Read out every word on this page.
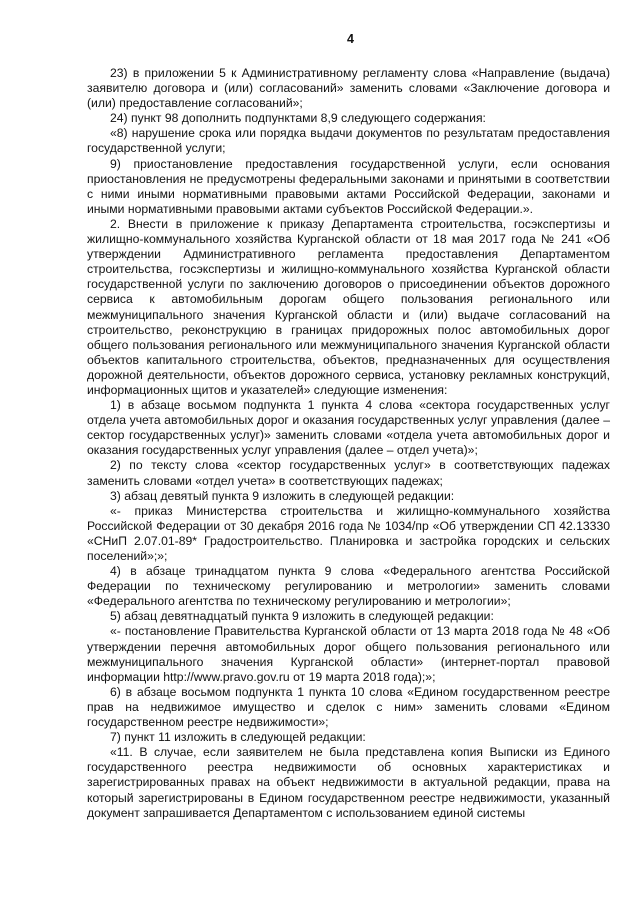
4

23) в приложении 5 к Административному регламенту слова «Направление (выдача) заявителю договора и (или) согласований» заменить словами «Заключение договора и (или) предоставление согласований»;

24) пункт 98 дополнить подпунктами 8,9 следующего содержания:

«8) нарушение срока или порядка выдачи документов по результатам предоставления государственной услуги;

9) приостановление предоставления государственной услуги, если основания приостановления не предусмотрены федеральными законами и принятыми в соответствии с ними иными нормативными правовыми актами Российской Федерации, законами и иными нормативными правовыми актами субъектов Российской Федерации.».

2. Внести в приложение к приказу Департамента строительства, госэкспертизы и жилищно-коммунального хозяйства Курганской области от 18 мая 2017 года № 241 «Об утверждении Административного регламента предоставления Департаментом строительства, госэкспертизы и жилищно-коммунального хозяйства Курганской области государственной услуги по заключению договоров о присоединении объектов дорожного сервиса к автомобильным дорогам общего пользования регионального или межмуниципального значения Курганской области и (или) выдаче согласований на строительство, реконструкцию в границах придорожных полос автомобильных дорог общего пользования регионального или межмуниципального значения Курганской области объектов капитального строительства, объектов, предназначенных для осуществления дорожной деятельности, объектов дорожного сервиса, установку рекламных конструкций, информационных щитов и указателей» следующие изменения:

1) в абзаце восьмом подпункта 1 пункта 4 слова «сектора государственных услуг отдела учета автомобильных дорог и оказания государственных услуг управления (далее – сектор государственных услуг)» заменить словами «отдела учета автомобильных дорог и оказания государственных услуг управления (далее – отдел учета)»;

2) по тексту слова «сектор государственных услуг» в соответствующих падежах заменить словами «отдел учета» в соответствующих падежах;

3) абзац девятый пункта 9 изложить в следующей редакции:

«- приказ Министерства строительства и жилищно-коммунального хозяйства Российской Федерации от 30 декабря 2016 года № 1034/пр «Об утверждении СП 42.13330 «СНиП 2.07.01-89* Градостроительство. Планировка и застройка городских и сельских поселений»;»;

4) в абзаце тринадцатом пункта 9 слова «Федерального агентства Российской Федерации по техническому регулированию и метрологии» заменить словами «Федерального агентства по техническому регулированию и метрологии»;

5) абзац девятнадцатый пункта 9 изложить в следующей редакции:

«- постановление Правительства Курганской области от 13 марта 2018 года № 48 «Об утверждении перечня автомобильных дорог общего пользования регионального или межмуниципального значения Курганской области» (интернет-портал правовой информации http://www.pravo.gov.ru от 19 марта 2018 года);»;

6) в абзаце восьмом подпункта 1 пункта 10 слова «Едином государственном реестре прав на недвижимое имущество и сделок с ним» заменить словами «Едином государственном реестре недвижимости»;

7) пункт 11 изложить в следующей редакции:

«11. В случае, если заявителем не была представлена копия Выписки из Единого государственного реестра недвижимости об основных характеристиках и зарегистрированных правах на объект недвижимости в актуальной редакции, права на который зарегистрированы в Едином государственном реестре недвижимости, указанный документ запрашивается Департаментом с использованием единой системы
